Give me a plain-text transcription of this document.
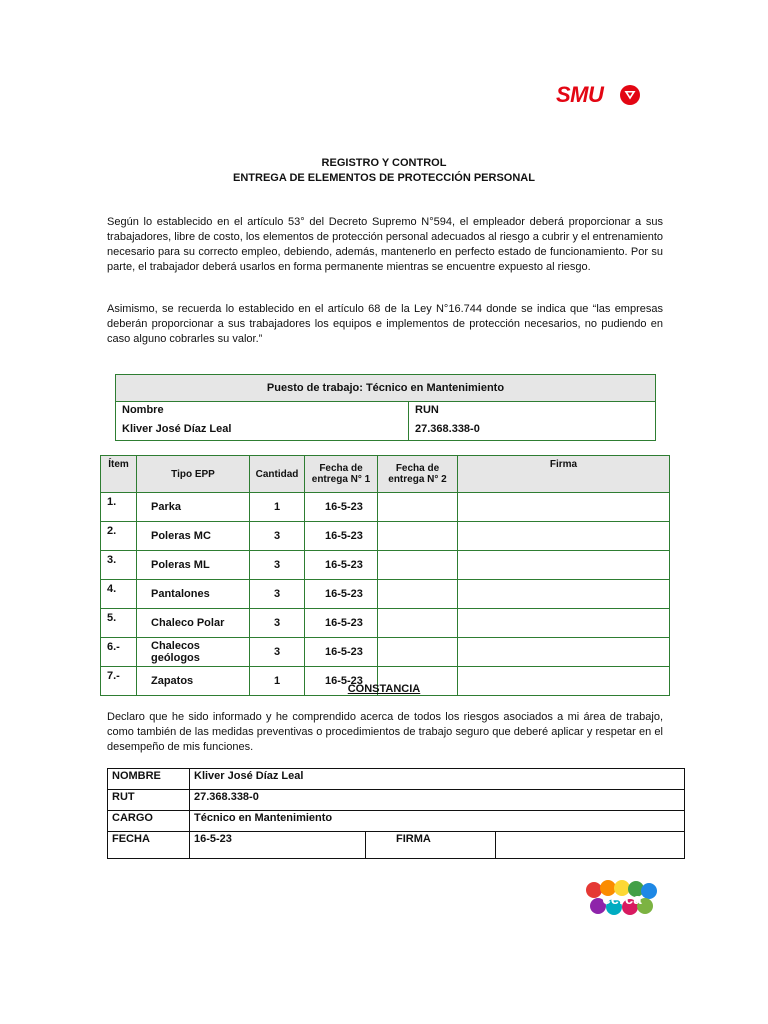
SMU
REGISTRO Y CONTROL
ENTREGA DE ELEMENTOS DE PROTECCIÓN PERSONAL
Según lo establecido en el artículo 53° del Decreto Supremo N°594, el empleador deberá proporcionar a sus trabajadores, libre de costo, los elementos de protección personal adecuados al riesgo a cubrir y el entrenamiento necesario para su correcto empleo, debiendo, además, mantenerlo en perfecto estado de funcionamiento. Por su parte, el trabajador deberá usarlos en forma permanente mientras se encuentre expuesto al riesgo.
Asimismo, se recuerda lo establecido en el artículo 68 de la Ley N°16.744 donde se indica que “las empresas deberán proporcionar a sus trabajadores los equipos e implementos de protección necesarios, no pudiendo en caso alguno cobrarles su valor.”
Puesto de trabajo: Técnico en Mantenimiento	
Nombre	RUN
Kliver José Díaz Leal	27.368.338-0
Ítem	Tipo EPP	Cantidad	Fecha de entrega N° 1	Fecha de entrega N° 2	Firma
1.	Parka	1	16-5-23		
2.	Poleras MC	3	16-5-23		
3.	Poleras ML	3	16-5-23		
4.	Pantalones	3	16-5-23		
5.	Chaleco Polar	3	16-5-23		
6.-	Chalecos geólogos	3	16-5-23		
7.-	Zapatos	1	16-5-23		
CONSTANCIA
Declaro que he sido informado y he comprendido acerca de todos los riesgos asociados a mi área de trabajo, como también de las medidas preventivas o procedimientos de trabajo seguro que deberé aplicar y respetar en el desempeño de mis funciones.
NOMBRE	Kliver José Díaz Leal		
RUT	27.368.338-0		
CARGO	Técnico en Mantenimiento		
FECHA	16-5-23	FIRMA	
cerca
